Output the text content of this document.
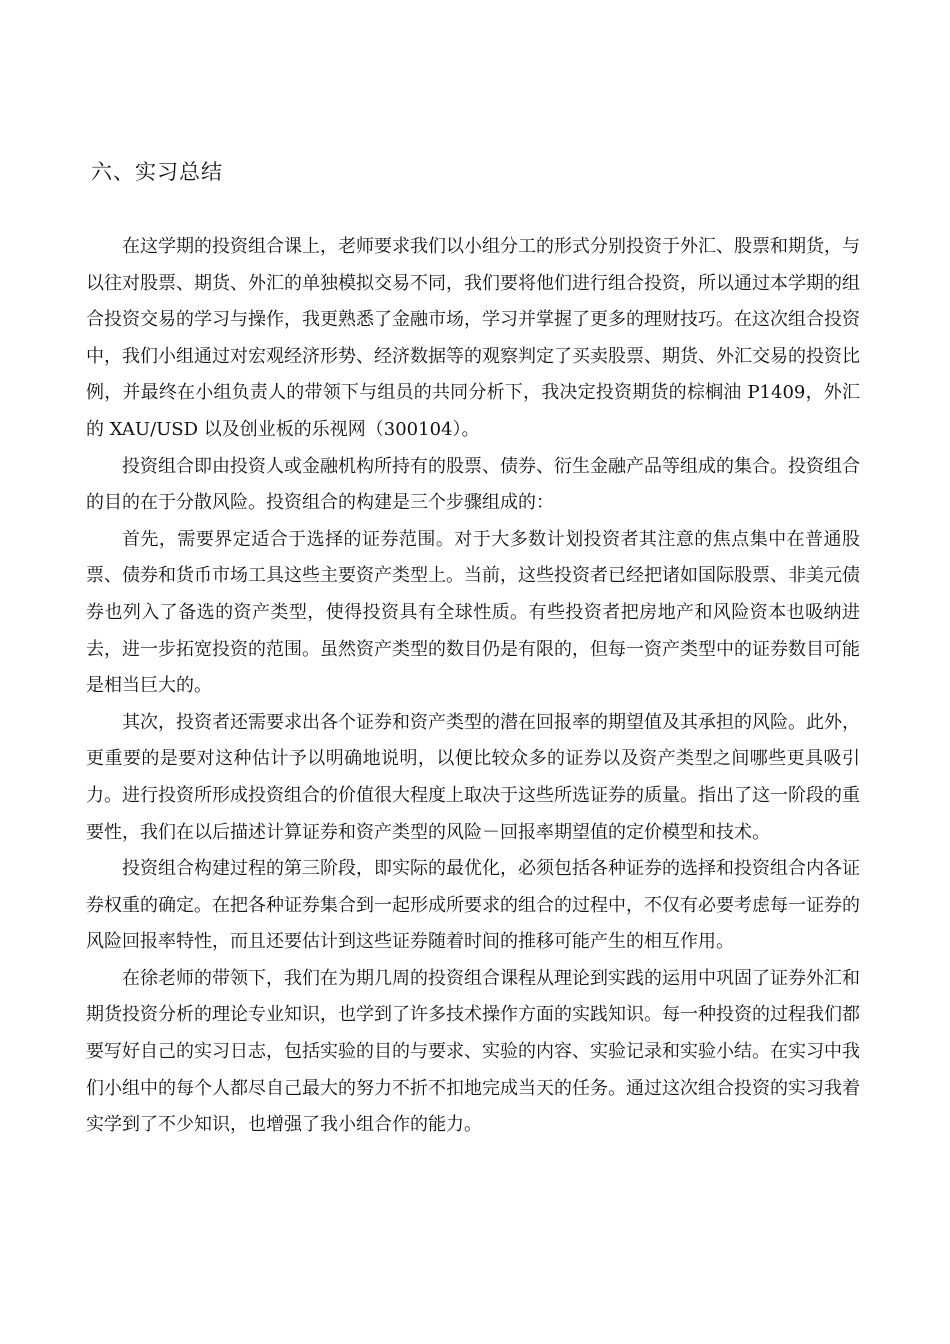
六、实习总结

在这学期的投资组合课上，老师要求我们以小组分工的形式分别投资于外汇、股票和期货，与以往对股票、期货、外汇的单独模拟交易不同，我们要将他们进行组合投资，所以通过本学期的组合投资交易的学习与操作，我更熟悉了金融市场，学习并掌握了更多的理财技巧。在这次组合投资中，我们小组通过对宏观经济形势、经济数据等的观察判定了买卖股票、期货、外汇交易的投资比例，并最终在小组负责人的带领下与组员的共同分析下，我决定投资期货的棕榈油 P1409，外汇的 XAU/USD 以及创业板的乐视网（300104）。

投资组合即由投资人或金融机构所持有的股票、债券、衍生金融产品等组成的集合。投资组合的目的在于分散风险。投资组合的构建是三个步骤组成的：

首先，需要界定适合于选择的证券范围。对于大多数计划投资者其注意的焦点集中在普通股票、债券和货币市场工具这些主要资产类型上。当前，这些投资者已经把诸如国际股票、非美元债券也列入了备选的资产类型，使得投资具有全球性质。有些投资者把房地产和风险资本也吸纳进去，进一步拓宽投资的范围。虽然资产类型的数目仍是有限的，但每一资产类型中的证券数目可能是相当巨大的。

其次，投资者还需要求出各个证券和资产类型的潜在回报率的期望值及其承担的风险。此外，更重要的是要对这种估计予以明确地说明，以便比较众多的证券以及资产类型之间哪些更具吸引力。进行投资所形成投资组合的价值很大程度上取决于这些所选证券的质量。指出了这一阶段的重要性，我们在以后描述计算证券和资产类型的风险－回报率期望值的定价模型和技术。

投资组合构建过程的第三阶段，即实际的最优化，必须包括各种证券的选择和投资组合内各证券权重的确定。在把各种证券集合到一起形成所要求的组合的过程中，不仅有必要考虑每一证券的风险回报率特性，而且还要估计到这些证券随着时间的推移可能产生的相互作用。

在徐老师的带领下，我们在为期几周的投资组合课程从理论到实践的运用中巩固了证券外汇和期货投资分析的理论专业知识，也学到了许多技术操作方面的实践知识。每一种投资的过程我们都要写好自己的实习日志，包括实验的目的与要求、实验的内容、实验记录和实验小结。在实习中我们小组中的每个人都尽自己最大的努力不折不扣地完成当天的任务。通过这次组合投资的实习我着实学到了不少知识，也增强了我小组合作的能力。
